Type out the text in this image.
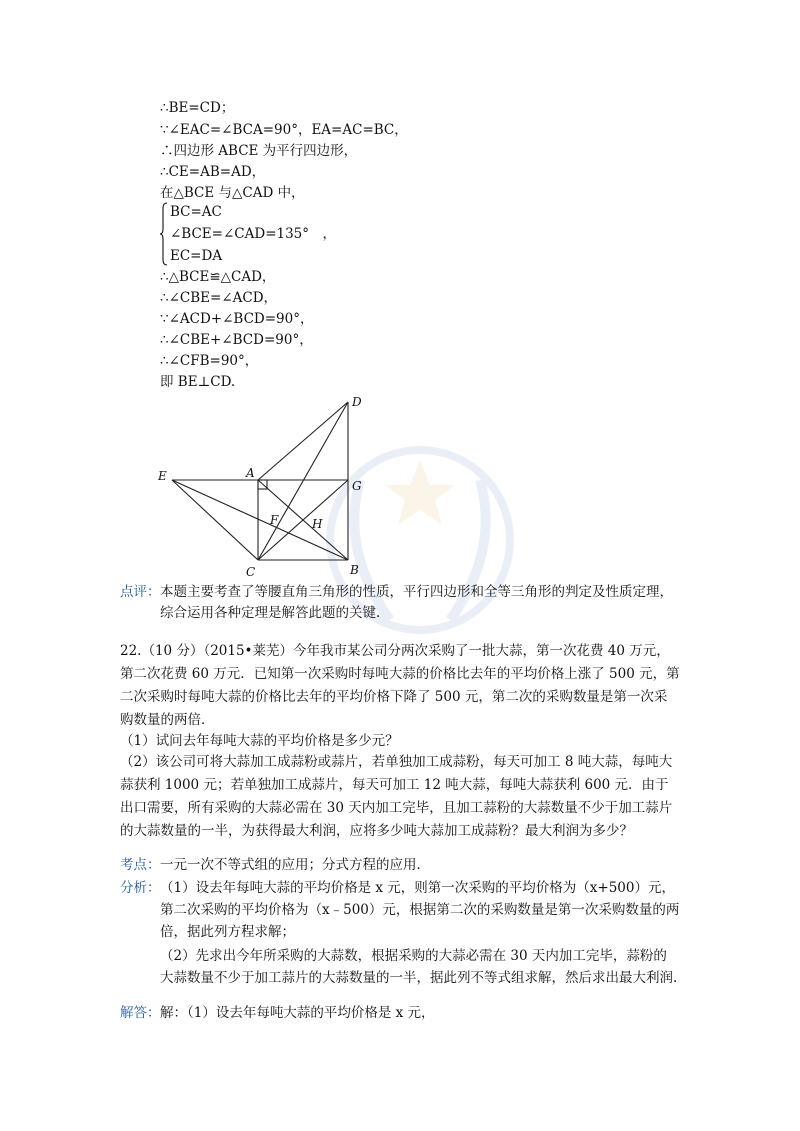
∴BE=CD；
∵∠EAC=∠BCA=90°，EA=AC=BC，
∴四边形 ABCE 为平行四边形，
∴CE=AB=AD，
在△BCE 与△CAD 中，
BC=AC
∠BCE=∠CAD=135°　，
EC=DA
∴△BCE≌△CAD，
∴∠CBE=∠ACD，
∵∠ACD+∠BCD=90°，
∴∠CBE+∠BCD=90°，
∴∠CFB=90°，
即 BE⊥CD.
D
E	A
G
F	H
C	B
点评： 本题主要考查了等腰直角三角形的性质，平行四边形和全等三角形的判定及性质定理，综合运用各种定理是解答此题的关键.
22.（10 分）（2015•莱芜）今年我市某公司分两次采购了一批大蒜，第一次花费 40 万元，第二次花费 60 万元．已知第一次采购时每吨大蒜的价格比去年的平均价格上涨了 500 元，第二次采购时每吨大蒜的价格比去年的平均价格下降了 500 元，第二次的采购数量是第一次采购数量的两倍．
（1）试问去年每吨大蒜的平均价格是多少元？
（2）该公司可将大蒜加工成蒜粉或蒜片，若单独加工成蒜粉，每天可加工 8 吨大蒜，每吨大蒜获利 1000 元；若单独加工成蒜片，每天可加工 12 吨大蒜，每吨大蒜获利 600 元．由于出口需要，所有采购的大蒜必需在 30 天内加工完毕，且加工蒜粉的大蒜数量不少于加工蒜片的大蒜数量的一半，为获得最大利润，应将多少吨大蒜加工成蒜粉？最大利润为多少？
考点： 一元一次不等式组的应用；分式方程的应用．
分析： （1）设去年每吨大蒜的平均价格是 x 元，则第一次采购的平均价格为（x+500）元，第二次采购的平均价格为（x﹣500）元，根据第二次的采购数量是第一次采购数量的两倍，据此列方程求解；
（2）先求出今年所采购的大蒜数，根据采购的大蒜必需在 30 天内加工完毕，蒜粉的大蒜数量不少于加工蒜片的大蒜数量的一半，据此列不等式组求解，然后求出最大利润.
解答： 解：（1）设去年每吨大蒜的平均价格是 x 元，
